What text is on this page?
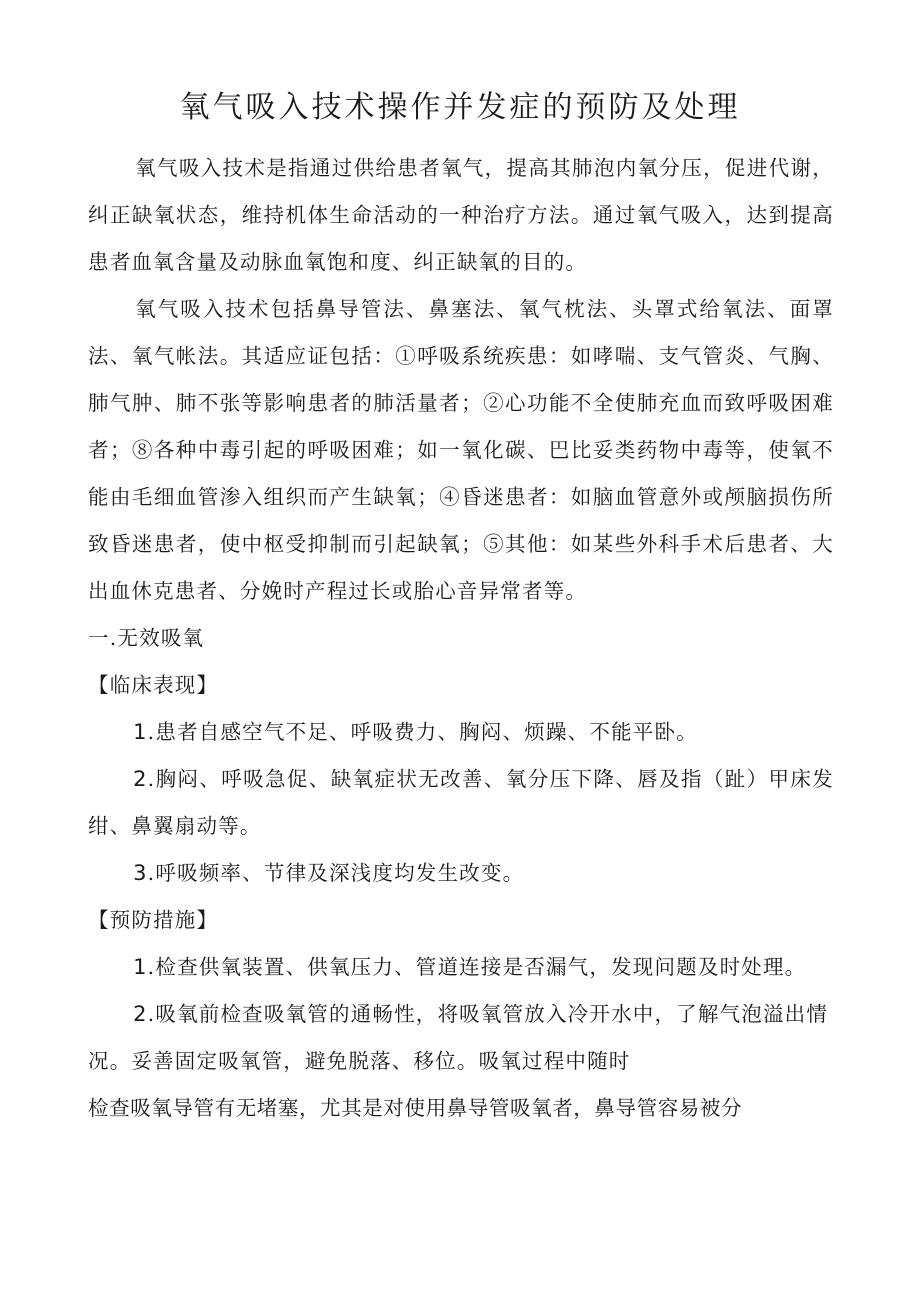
氧气吸入技术操作并发症的预防及处理

氧气吸入技术是指通过供给患者氧气，提高其肺泡内氧分压，促进代谢，纠正缺氧状态，维持机体生命活动的一种治疗方法。通过氧气吸入，达到提高患者血氧含量及动脉血氧饱和度、纠正缺氧的目的。

氧气吸入技术包括鼻导管法、鼻塞法、氧气枕法、头罩式给氧法、面罩法、氧气帐法。其适应证包括：①呼吸系统疾患：如哮喘、支气管炎、气胸、肺气肿、肺不张等影响患者的肺活量者；②心功能不全使肺充血而致呼吸困难者；⑧各种中毒引起的呼吸困难；如一氧化碳、巴比妥类药物中毒等，使氧不能由毛细血管渗入组织而产生缺氧；④昏迷患者：如脑血管意外或颅脑损伤所致昏迷患者，使中枢受抑制而引起缺氧；⑤其他：如某些外科手术后患者、大出血休克患者、分娩时产程过长或胎心音异常者等。

一.无效吸氧

【临床表现】

1.患者自感空气不足、呼吸费力、胸闷、烦躁、不能平卧。

2.胸闷、呼吸急促、缺氧症状无改善、氧分压下降、唇及指（趾）甲床发绀、鼻翼扇动等。

3.呼吸频率、节律及深浅度均发生改变。

【预防措施】

1.检查供氧装置、供氧压力、管道连接是否漏气，发现问题及时处理。

2.吸氧前检查吸氧管的通畅性，将吸氧管放入冷开水中，了解气泡溢出情况。妥善固定吸氧管，避免脱落、移位。吸氧过程中随时

检查吸氧导管有无堵塞，尤其是对使用鼻导管吸氧者，鼻导管容易被分
